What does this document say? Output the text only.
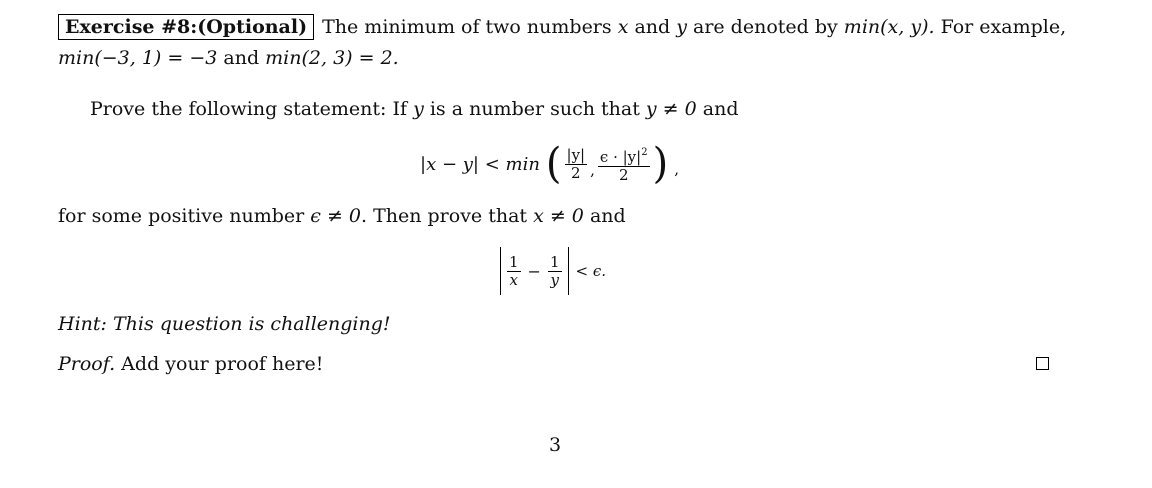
Exercise #8:(Optional) The minimum of two numbers x and y are denoted by min(x, y). For example,
min(−3, 1) = −3 and min(2, 3) = 2.
Prove the following statement: If y is a number such that y ≠ 0 and
|x − y| < min ( $\frac{|y|}{2}$ , $\frac{\epsilon \cdot |y|^2}{2}$ ) ,
for some positive number ϵ ≠ 0. Then prove that x ≠ 0 and
$\frac{1}{x} - \frac{1}{y} < \epsilon$.
Hint: This question is challenging!
Proof. Add your proof here!
3
